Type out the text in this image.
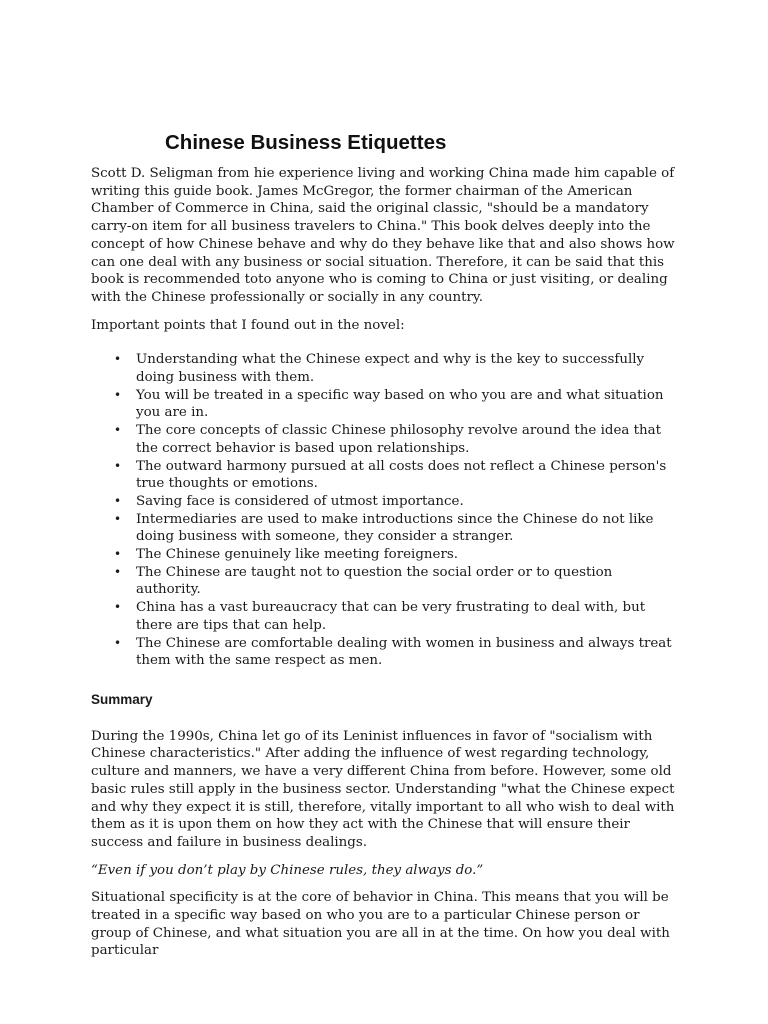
Chinese Business Etiquettes

Scott D. Seligman from hie experience living and working China made him capable of writing this guide book. James McGregor, the former chairman of the American Chamber of Commerce in China, said the original classic, "should be a mandatory carry-on item for all business travelers to China." This book delves deeply into the concept of how Chinese behave and why do they behave like that and also shows how can one deal with any business or social situation. Therefore, it can be said that this book is recommended toto anyone who is coming to China or just visiting, or dealing with the Chinese professionally or socially in any country.

Important points that I found out in the novel:

• Understanding what the Chinese expect and why is the key to successfully doing business with them.
• You will be treated in a specific way based on who you are and what situation you are in.
• The core concepts of classic Chinese philosophy revolve around the idea that the correct behavior is based upon relationships.
• The outward harmony pursued at all costs does not reflect a Chinese person's true thoughts or emotions.
• Saving face is considered of utmost importance.
• Intermediaries are used to make introductions since the Chinese do not like doing business with someone, they consider a stranger.
• The Chinese genuinely like meeting foreigners.
• The Chinese are taught not to question the social order or to question authority.
• China has a vast bureaucracy that can be very frustrating to deal with, but there are tips that can help.
• The Chinese are comfortable dealing with women in business and always treat them with the same respect as men.

Summary

During the 1990s, China let go of its Leninist influences in favor of "socialism with Chinese characteristics." After adding the influence of west regarding technology, culture and manners, we have a very different China from before. However, some old basic rules still apply in the business sector. Understanding "what the Chinese expect and why they expect it is still, therefore, vitally important to all who wish to deal with them as it is upon them on how they act with the Chinese that will ensure their success and failure in business dealings.

“Even if you don’t play by Chinese rules, they always do.”

Situational specificity is at the core of behavior in China. This means that you will be treated in a specific way based on who you are to a particular Chinese person or group of Chinese, and what situation you are all in at the time. On how you deal with particular
